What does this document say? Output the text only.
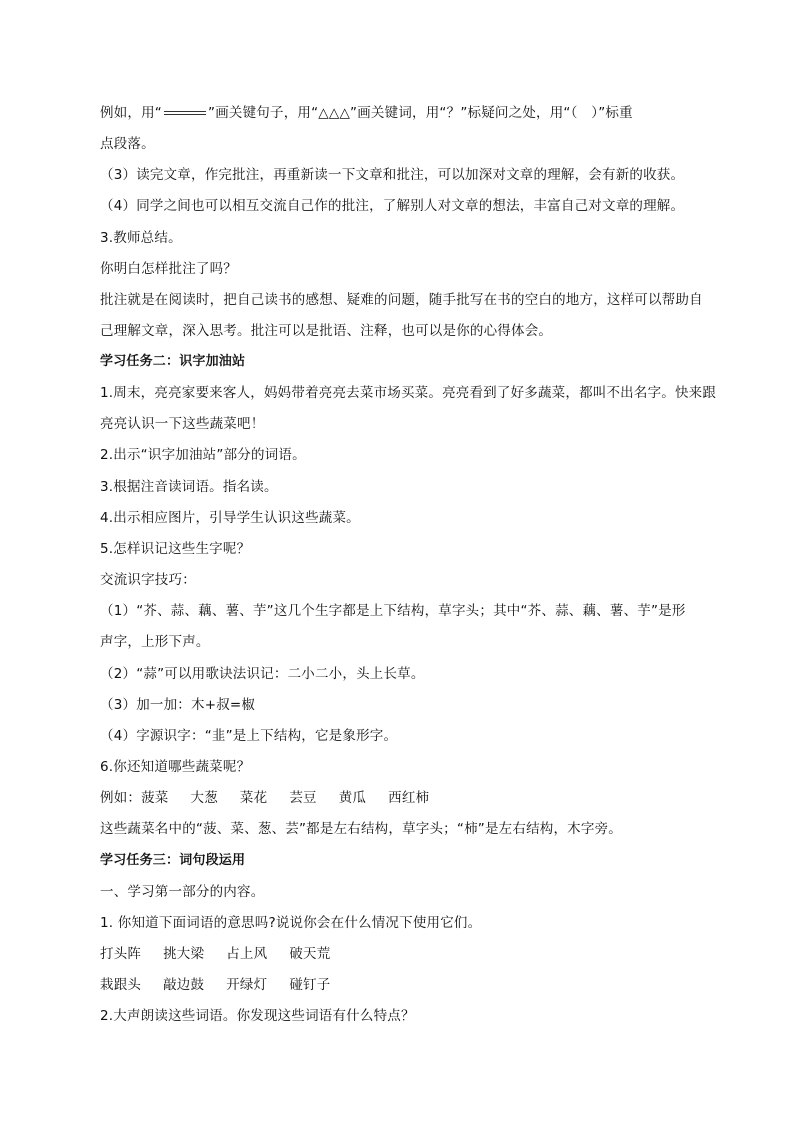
例如，用“	”画关键句子，用“△△△”画关键词，用“？”标疑问之处，用“（　）”标重
点段落。
（3）读完文章，作完批注，再重新读一下文章和批注，可以加深对文章的理解，会有新的收获。
（4）同学之间也可以相互交流自己作的批注，了解别人对文章的想法，丰富自己对文章的理解。
3.教师总结。
你明白怎样批注了吗？
批注就是在阅读时，把自己读书的感想、疑难的问题，随手批写在书的空白的地方，这样可以帮助自
己理解文章，深入思考。批注可以是批语、注释，也可以是你的心得体会。
学习任务二：识字加油站
1.周末，亮亮家要来客人，妈妈带着亮亮去菜市场买菜。亮亮看到了好多蔬菜，都叫不出名字。快来跟
亮亮认识一下这些蔬菜吧！
2.出示“识字加油站”部分的词语。
3.根据注音读词语。指名读。
4.出示相应图片，引导学生认识这些蔬菜。
5.怎样识记这些生字呢？
交流识字技巧：
（1）“芥、蒜、藕、薯、芋”这几个生字都是上下结构，草字头；其中“芥、蒜、藕、薯、芋”是形
声字，上形下声。
（2）“蒜”可以用歌诀法识记：二小二小，头上长草。
（3）加一加：木+叔=椒
（4）字源识字：“韭”是上下结构，它是象形字。
6.你还知道哪些蔬菜呢？
例如：菠菜 大葱 菜花 芸豆 黄瓜 西红柿
这些蔬菜名中的“菠、菜、葱、芸”都是左右结构，草字头；“柿”是左右结构，木字旁。
学习任务三：词句段运用
一、学习第一部分的内容。
1. 你知道下面词语的意思吗?说说你会在什么情况下使用它们。
打头阵 挑大梁 占上风 破天荒
栽跟头 敲边鼓 开绿灯 碰钉子
2.大声朗读这些词语。你发现这些词语有什么特点？
